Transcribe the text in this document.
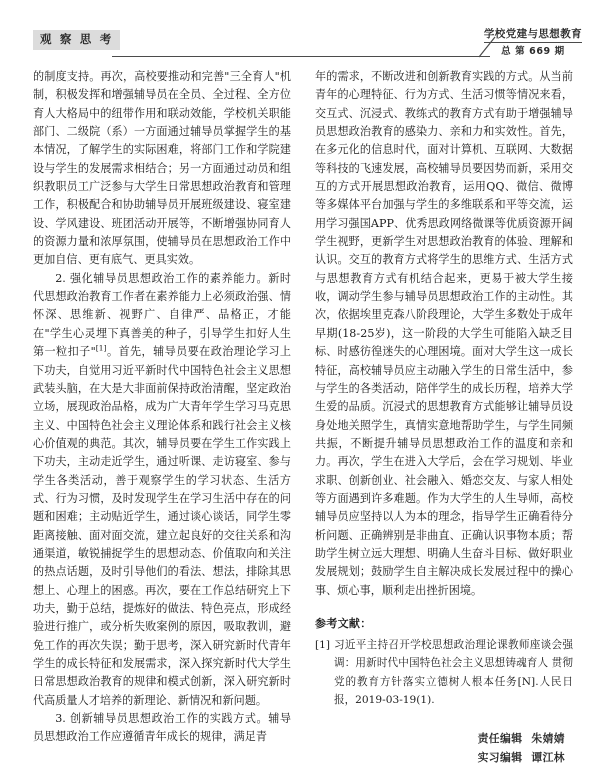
观 察 思 考	学校党建与思想教育
总 第 669 期

的制度支持。再次，高校要推动和完善"三全育人"机制，积极发挥和增强辅导员在全员、全过程、全方位育人大格局中的纽带作用和联动效能，学校机关职能部门、二级院（系）一方面通过辅导员掌握学生的基本情况，了解学生的实际困难，将部门工作和学院建设与学生的发展需求相结合；另一方面通过动员和组织教职员工广泛参与大学生日常思想政治教育和管理工作，积极配合和协助辅导员开展班级建设、寝室建设、学风建设、班团活动开展等，不断增强协同育人的资源力量和浓厚氛围，使辅导员在思想政治工作中更加自信、更有底气、更具实效。

2. 强化辅导员思想政治工作的素养能力。新时代思想政治教育工作者在素养能力上必须政治强、情怀深、思维新、视野广、自律严、品格正，才能在"学生心灵埋下真善美的种子，引导学生扣好人生第一粒扣子"[1]。首先，辅导员要在政治理论学习上下功夫，自觉用习近平新时代中国特色社会主义思想武装头脑，在大是大非面前保持政治清醒，坚定政治立场，展现政治品格，成为广大青年学生学习马克思主义、中国特色社会主义理论体系和践行社会主义核心价值观的典范。其次，辅导员要在学生工作实践上下功夫，主动走近学生，通过听课、走访寝室、参与学生各类活动，善于观察学生的学习状态、生活方式、行为习惯，及时发现学生在学习生活中存在的问题和困难；主动贴近学生，通过谈心谈话，同学生零距离接触、面对面交流，建立起良好的交往关系和沟通渠道，敏锐捕捉学生的思想动态、价值取向和关注的热点话题，及时引导他们的看法、想法，排除其思想上、心理上的困惑。再次，要在工作总结研究上下功夫，勤于总结，提炼好的做法、特色亮点，形成经验进行推广，或分析失败案例的原因，吸取教训，避免工作的再次失误；勤于思考，深入研究新时代青年学生的成长特征和发展需求，深入探究新时代大学生日常思想政治教育的规律和模式创新，深入研究新时代高质量人才培养的新理论、新情况和新问题。

3. 创新辅导员思想政治工作的实践方式。辅导员思想政治工作应遵循青年成长的规律，满足青

年的需求，不断改进和创新教育实践的方式。从当前青年的心理特征、行为方式、生活习惯等情况来看，交互式、沉浸式、教练式的教育方式有助于增强辅导员思想政治教育的感染力、亲和力和实效性。首先，在多元化的信息时代，面对计算机、互联网、大数据等科技的飞速发展，高校辅导员要因势而新，采用交互的方式开展思想政治教育，运用QQ、微信、微博等多媒体平台加强与学生的多维联系和平等交流，运用学习强国APP、优秀思政网络微课等优质资源开阔学生视野，更新学生对思想政治教育的体验、理解和认识。交互的教育方式将学生的思维方式、生活方式与思想教育方式有机结合起来，更易于被大学生接收，调动学生参与辅导员思想政治工作的主动性。其次，依据埃里克森八阶段理论，大学生多数处于成年早期(18-25岁)，这一阶段的大学生可能陷入缺乏目标、时感彷徨迷失的心理困境。面对大学生这一成长特征，高校辅导员应主动融入学生的日常生活中，参与学生的各类活动，陪伴学生的成长历程，培养大学生爱的品质。沉浸式的思想教育方式能够让辅导员设身处地关照学生，真情实意地帮助学生，与学生同频共振，不断提升辅导员思想政治工作的温度和亲和力。再次，学生在进入大学后，会在学习规划、毕业求职、创新创业、社会融入、婚恋交友、与家人相处等方面遇到许多难题。作为大学生的人生导师，高校辅导员应坚持以人为本的理念，指导学生正确看待分析问题、正确辨别是非曲直、正确认识事物本质；帮助学生树立远大理想、明确人生奋斗目标、做好职业发展规划；鼓励学生自主解决成长发展过程中的操心事、烦心事，顺利走出挫折困境。

参考文献：
[1] 习近平主持召开学校思想政治理论课教师座谈会强调：用新时代中国特色社会主义思想铸魂育人 贯彻党的教育方针落实立德树人根本任务[N].人民日报，2019-03-19(1).
责任编辑 朱婧婧
实习编辑 谭江林
